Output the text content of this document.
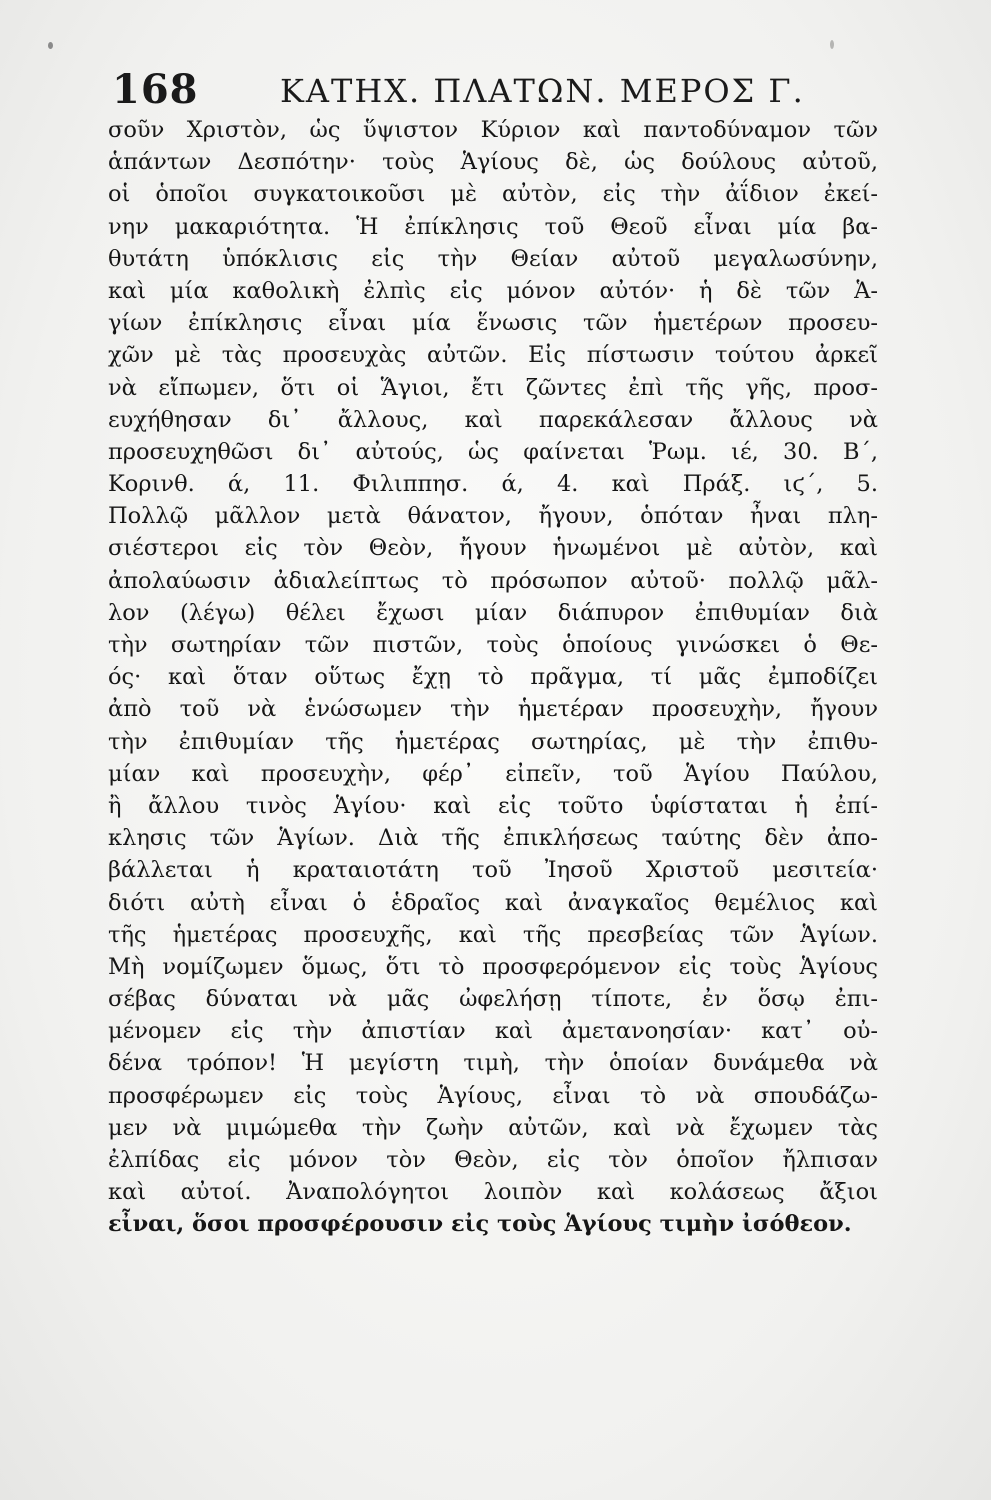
168	ΚΑΤΗΧ. ΠΛΑΤΩΝ. ΜΕΡΟΣ Γ.
σοῦν Χριστὸν, ὡς ὕψιστον Κύριον καὶ παντοδύναμον τῶν
ἁπάντων Δεσπότην· τοὺς Ἁγίους δὲ, ὡς δούλους αὐτοῦ,
οἱ ὁποῖοι συγκατοικοῦσι μὲ αὐτὸν, εἰς τὴν ἀΐδιον ἐκεί-
νην μακαριότητα. Ἡ ἐπίκλησις τοῦ Θεοῦ εἶναι μία βα-
θυτάτη ὑπόκλισις εἰς τὴν Θείαν αὐτοῦ μεγαλωσύνην,
καὶ μία καθολικὴ ἐλπὶς εἰς μόνον αὐτόν· ἡ δὲ τῶν Ἁ-
γίων ἐπίκλησις εἶναι μία ἕνωσις τῶν ἡμετέρων προσευ-
χῶν μὲ τὰς προσευχὰς αὐτῶν. Εἰς πίστωσιν τούτου ἀρκεῖ
νὰ εἴπωμεν, ὅτι οἱ Ἅγιοι, ἔτι ζῶντες ἐπὶ τῆς γῆς, προσ-
ευχήθησαν δι᾽ ἄλλους, καὶ παρεκάλεσαν ἄλλους νὰ
προσευχηθῶσι δι᾽ αὐτούς, ὡς φαίνεται Ῥωμ. ιέ, 30. Β΄,
Κορινθ. ά, 11. Φιλιππησ. ά, 4. καὶ Πράξ. ιϛ΄, 5.
Πολλῷ μᾶλλον μετὰ θάνατον, ἤγουν, ὁπόταν ἦναι πλη-
σιέστεροι εἰς τὸν Θεὸν, ἤγουν ἡνωμένοι μὲ αὐτὸν, καὶ
ἀπολαύωσιν ἀδιαλείπτως τὸ πρόσωπον αὐτοῦ· πολλῷ μᾶλ-
λον (λέγω) θέλει ἔχωσι μίαν διάπυρον ἐπιθυμίαν διὰ
τὴν σωτηρίαν τῶν πιστῶν, τοὺς ὁποίους γινώσκει ὁ Θε-
ός· καὶ ὅταν οὕτως ἔχῃ τὸ πρᾶγμα, τί μᾶς ἐμποδίζει
ἀπὸ τοῦ νὰ ἑνώσωμεν τὴν ἡμετέραν προσευχὴν, ἤγουν
τὴν ἐπιθυμίαν τῆς ἡμετέρας σωτηρίας, μὲ τὴν ἐπιθυ-
μίαν καὶ προσευχὴν, φέρ᾽ εἰπεῖν, τοῦ Ἁγίου Παύλου,
ἢ ἄλλου τινὸς Ἁγίου· καὶ εἰς τοῦτο ὑφίσταται ἡ ἐπί-
κλησις τῶν Ἁγίων. Διὰ τῆς ἐπικλήσεως ταύτης δὲν ἀπο-
βάλλεται ἡ κραταιοτάτη τοῦ Ἰησοῦ Χριστοῦ μεσιτεία·
διότι αὐτὴ εἶναι ὁ ἑδραῖος καὶ ἀναγκαῖος θεμέλιος καὶ
τῆς ἡμετέρας προσευχῆς, καὶ τῆς πρεσβείας τῶν Ἁγίων.
Μὴ νομίζωμεν ὅμως, ὅτι τὸ προσφερόμενον εἰς τοὺς Ἁγίους
σέβας δύναται νὰ μᾶς ὠφελήσῃ τίποτε, ἐν ὅσῳ ἐπι-
μένομεν εἰς τὴν ἀπιστίαν καὶ ἀμετανοησίαν· κατ᾽ οὐ-
δένα τρόπον! Ἡ μεγίστη τιμὴ, τὴν ὁποίαν δυνάμεθα νὰ
προσφέρωμεν εἰς τοὺς Ἁγίους, εἶναι τὸ νὰ σπουδάζω-
μεν νὰ μιμώμεθα τὴν ζωὴν αὐτῶν, καὶ νὰ ἔχωμεν τὰς
ἐλπίδας εἰς μόνον τὸν Θεὸν, εἰς τὸν ὁποῖον ἤλπισαν
καὶ αὐτοί. Ἀναπολόγητοι λοιπὸν καὶ κολάσεως ἄξιοι
εἶναι, ὅσοι προσφέρουσιν εἰς τοὺς Ἁγίους τιμὴν ἰσόθεον.
